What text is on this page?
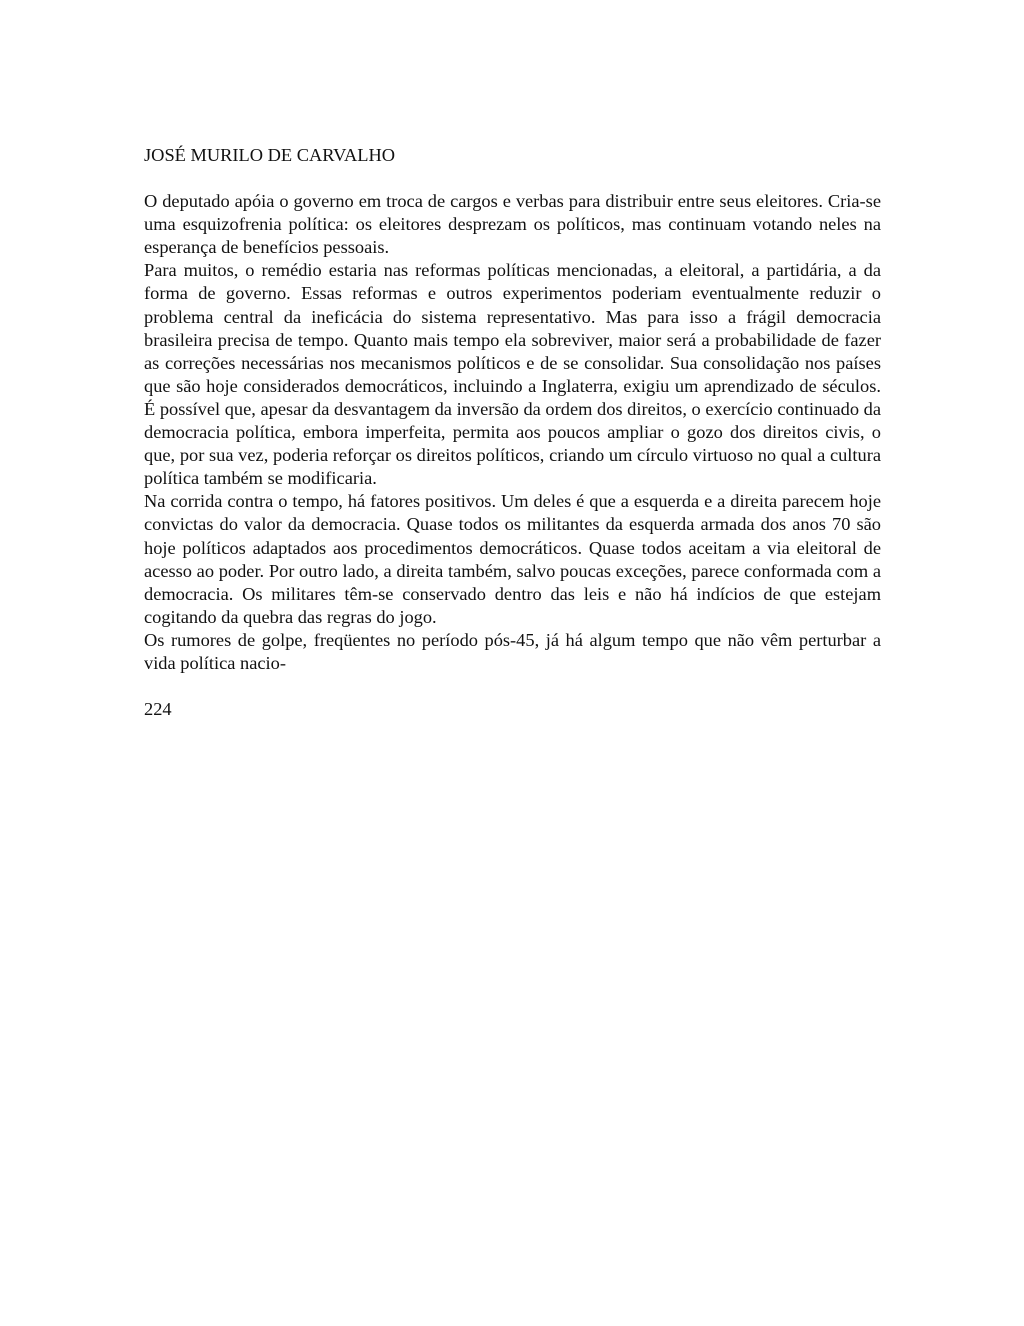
JOSÉ MURILO DE CARVALHO

O deputado apóia o governo em troca de cargos e verbas para distribuir entre seus eleitores. Cria-se uma esquizofrenia política: os eleitores desprezam os políticos, mas continuam votando neles na esperança de benefícios pessoais.

Para muitos, o remédio estaria nas reformas políticas mencionadas, a eleitoral, a partidária, a da forma de governo. Essas reformas e outros experimentos poderiam eventualmente reduzir o problema central da ineficácia do sistema representativo. Mas para isso a frágil democracia brasileira precisa de tempo. Quanto mais tempo ela sobreviver, maior será a probabilidade de fazer as correções necessárias nos mecanismos políticos e de se consolidar. Sua consolidação nos países que são hoje considerados democráticos, incluindo a Inglaterra, exigiu um aprendizado de séculos. É possível que, apesar da desvantagem da inversão da ordem dos direitos, o exercício continuado da democracia política, embora imperfeita, permita aos poucos ampliar o gozo dos direitos civis, o que, por sua vez, poderia reforçar os direitos políticos, criando um círculo virtuoso no qual a cultura política também se modificaria.

Na corrida contra o tempo, há fatores positivos. Um deles é que a esquerda e a direita parecem hoje convictas do valor da democracia. Quase todos os militantes da esquerda armada dos anos 70 são hoje políticos adaptados aos procedimentos democráticos. Quase todos aceitam a via eleitoral de acesso ao poder. Por outro lado, a direita também, salvo poucas exceções, parece conformada com a democracia. Os militares têm-se conservado dentro das leis e não há indícios de que estejam cogitando da quebra das regras do jogo.

Os rumores de golpe, freqüentes no período pós-45, já há algum tempo que não vêm perturbar a vida política nacio-

224
